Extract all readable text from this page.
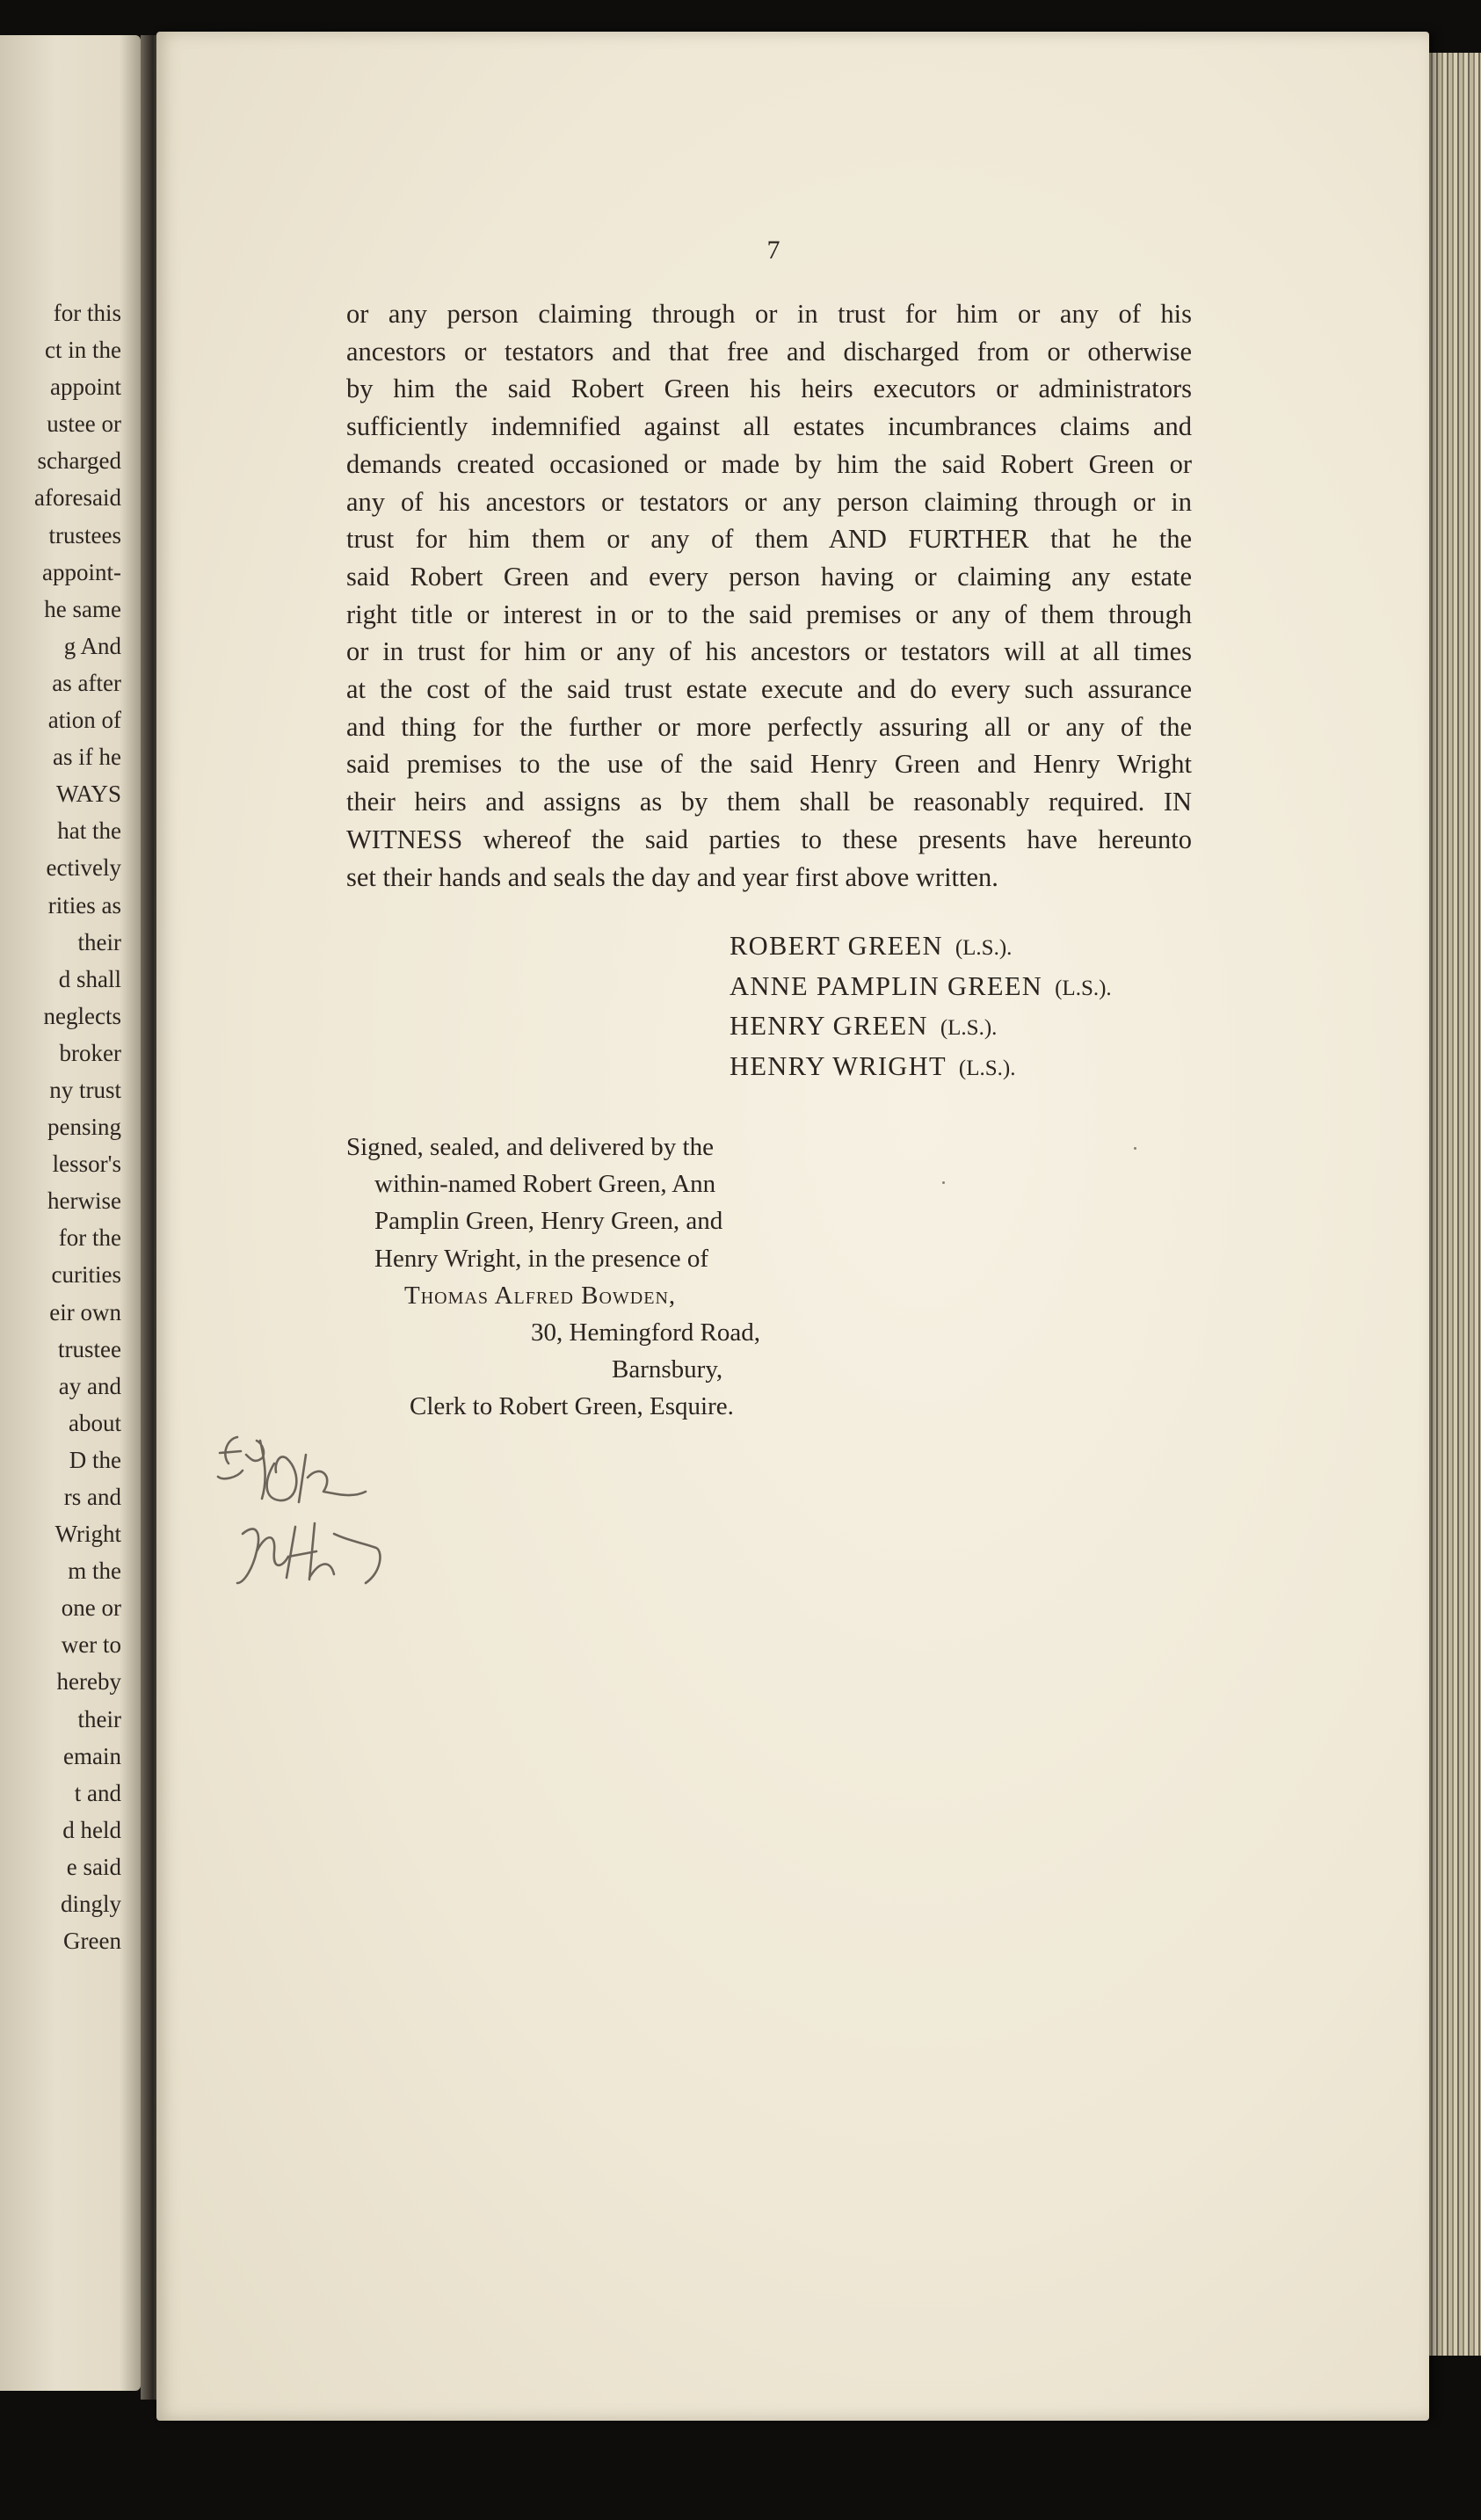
for this
ct in the
appoint
ustee or
scharged
aforesaid
trustees
appoint-
he same
g And
as after
ation of
as if he
WAYS
hat the
ectively
rities as
their
d shall
neglects
broker
ny trust
pensing
lessor's
herwise
for the
curities
eir own
trustee
ay and
about
D the
rs and
Wright
m the
one or
wer to
hereby
their
emain
t and
d held
e said
dingly
Green
7
or any person claiming through or in trust for him or any of his
ancestors or testators and that free and discharged from or otherwise
by him the said Robert Green his heirs executors or administrators
sufficiently indemnified against all estates incumbrances claims and
demands created occasioned or made by him the said Robert Green or
any of his ancestors or testators or any person claiming through or in
trust for him them or any of them AND FURTHER that he the
said Robert Green and every person having or claiming any estate
right title or interest in or to the said premises or any of them through
or in trust for him or any of his ancestors or testators will at all times
at the cost of the said trust estate execute and do every such assurance
and thing for the further or more perfectly assuring all or any of the
said premises to the use of the said Henry Green and Henry Wright
their heirs and assigns as by them shall be reasonably required. IN
WITNESS whereof the said parties to these presents have hereunto
set their hands and seals the day and year first above written.
ROBERT GREEN (L.S.).
ANNE PAMPLIN GREEN (L.S.).
HENRY GREEN (L.S.).
HENRY WRIGHT (L.S.).
Signed, sealed, and delivered by the
within-named Robert Green, Ann
Pamplin Green, Henry Green, and
Henry Wright, in the presence of
Thomas Alfred Bowden,
30, Hemingford Road,
Barnsbury,
Clerk to Robert Green, Esquire.
